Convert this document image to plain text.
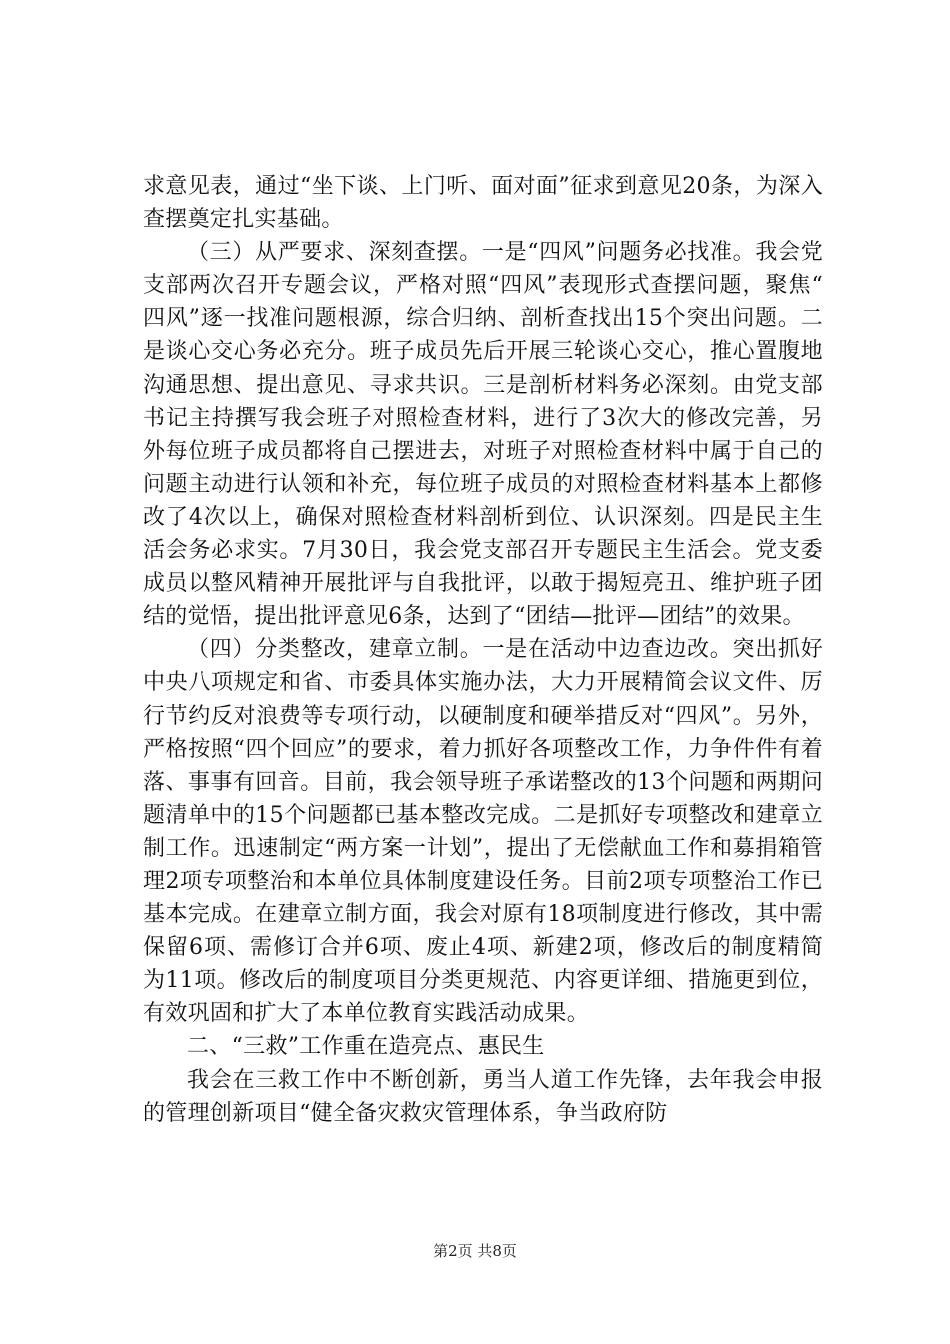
求意见表，通过“坐下谈、上门听、面对面”征求到意见20条，为深入查摆奠定扎实基础。

（三）从严要求、深刻查摆。一是“四风”问题务必找准。我会党支部两次召开专题会议，严格对照“四风”表现形式查摆问题，聚焦“四风”逐一找准问题根源，综合归纳、剖析查找出15个突出问题。二是谈心交心务必充分。班子成员先后开展三轮谈心交心，推心置腹地沟通思想、提出意见、寻求共识。三是剖析材料务必深刻。由党支部书记主持撰写我会班子对照检查材料，进行了3次大的修改完善，另外每位班子成员都将自己摆进去，对班子对照检查材料中属于自己的问题主动进行认领和补充，每位班子成员的对照检查材料基本上都修改了4次以上，确保对照检查材料剖析到位、认识深刻。四是民主生活会务必求实。7月30日，我会党支部召开专题民主生活会。党支委成员以整风精神开展批评与自我批评，以敢于揭短亮丑、维护班子团结的觉悟，提出批评意见6条，达到了“团结—批评—团结”的效果。

（四）分类整改，建章立制。一是在活动中边查边改。突出抓好中央八项规定和省、市委具体实施办法，大力开展精简会议文件、厉行节约反对浪费等专项行动，以硬制度和硬举措反对“四风”。另外，严格按照“四个回应”的要求，着力抓好各项整改工作，力争件件有着落、事事有回音。目前，我会领导班子承诺整改的13个问题和两期问题清单中的15个问题都已基本整改完成。二是抓好专项整改和建章立制工作。迅速制定“两方案一计划”，提出了无偿献血工作和募捐箱管理2项专项整治和本单位具体制度建设任务。目前2项专项整治工作已基本完成。在建章立制方面，我会对原有18项制度进行修改，其中需保留6项、需修订合并6项、废止4项、新建2项，修改后的制度精简为11项。修改后的制度项目分类更规范、内容更详细、措施更到位，有效巩固和扩大了本单位教育实践活动成果。

二、“三救”工作重在造亮点、惠民生

我会在三救工作中不断创新，勇当人道工作先锋，去年我会申报的管理创新项目“健全备灾救灾管理体系，争当政府防

第2页 共8页
